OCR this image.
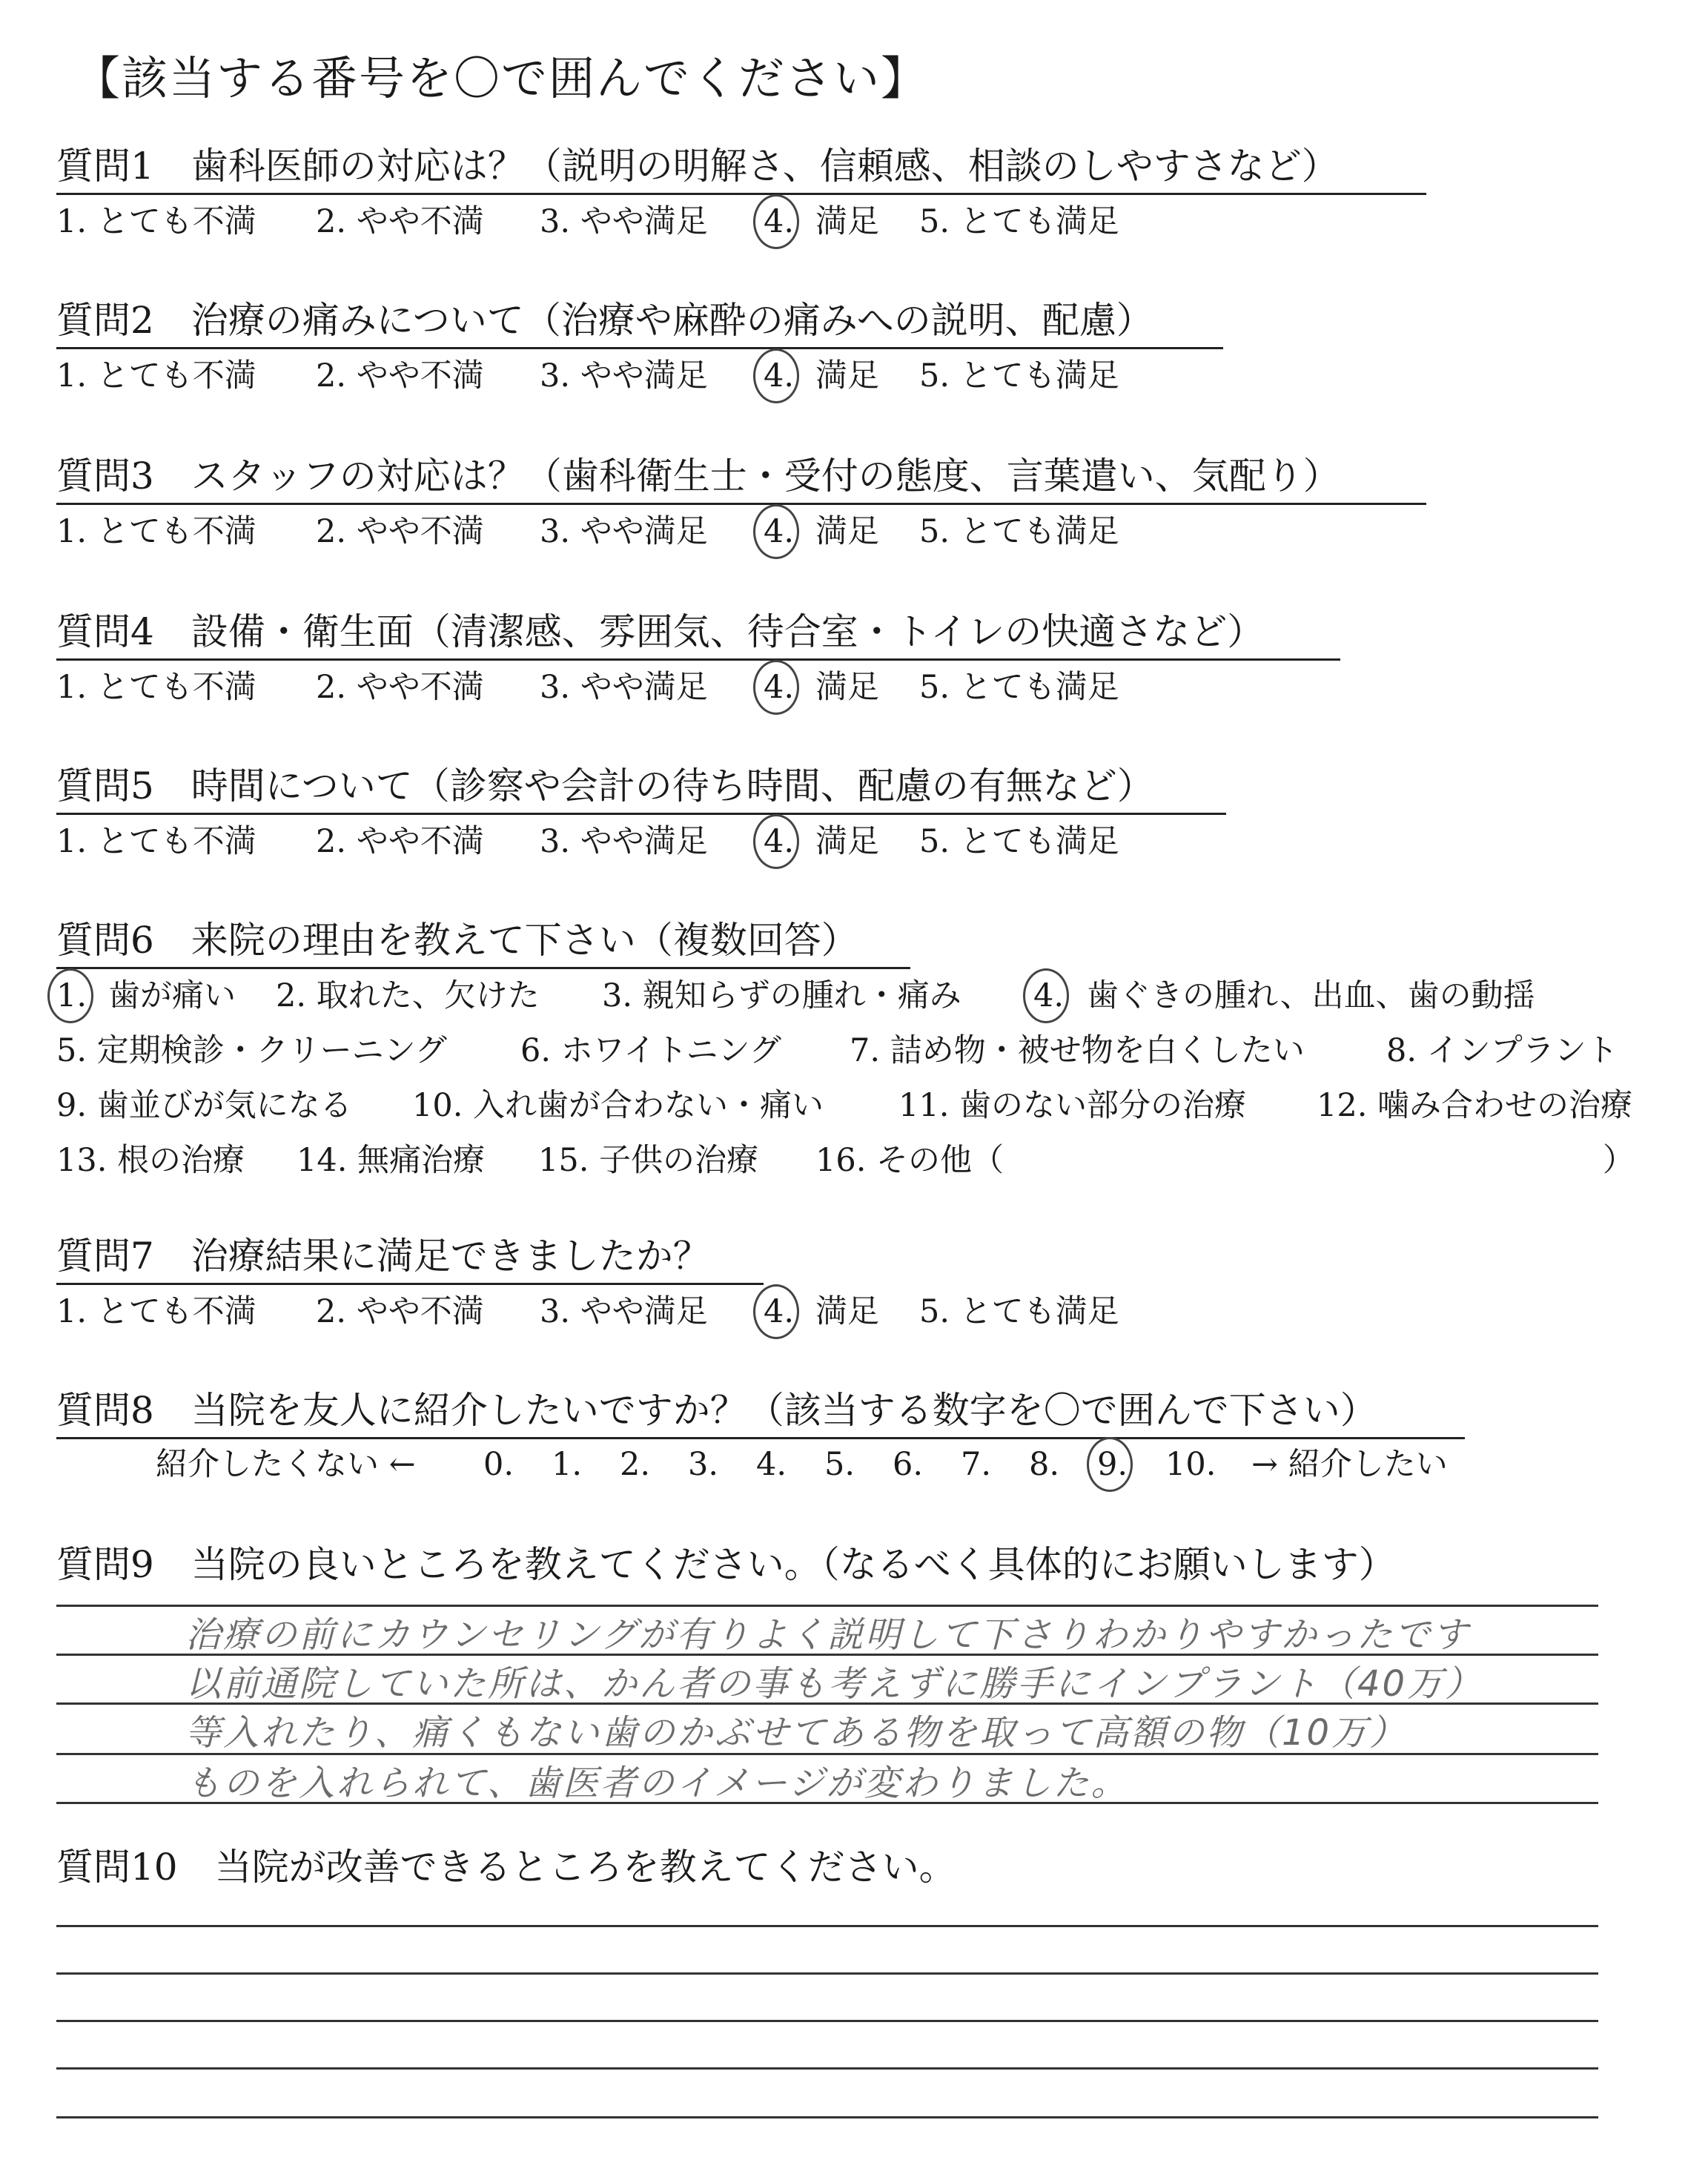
【該当する番号を〇で囲んでください】
質問1　歯科医師の対応は？（説明の明解さ、信頼感、相談のしやすさなど）
1. とても不満 2. やや不満 3. やや満足 4. 満足 5. とても満足
質問2　治療の痛みについて（治療や麻酔の痛みへの説明、配慮）
1. とても不満 2. やや不満 3. やや満足 4. 満足 5. とても満足
質問3　スタッフの対応は？（歯科衛生士・受付の態度、言葉遣い、気配り）
1. とても不満 2. やや不満 3. やや満足 4. 満足 5. とても満足
質問4　設備・衛生面（清潔感、雰囲気、待合室・トイレの快適さなど）
1. とても不満 2. やや不満 3. やや満足 4. 満足 5. とても満足
質問5　時間について（診察や会計の待ち時間、配慮の有無など）
1. とても不満 2. やや不満 3. やや満足 4. 満足 5. とても満足
質問6　来院の理由を教えて下さい（複数回答）
1. 歯が痛い 2. 取れた、欠けた 3. 親知らずの腫れ・痛み 4. 歯ぐきの腫れ、出血、歯の動揺
5. 定期検診・クリーニング 6. ホワイトニング 7. 詰め物・被せ物を白くしたい	8. インプラント
9. 歯並びが気になる 10. 入れ歯が合わない・痛い 11. 歯のない部分の治療 12. 噛み合わせの治療
13. 根の治療 14. 無痛治療 15. 子供の治療 16. その他（	）
質問7　治療結果に満足できましたか？
1. とても不満 2. やや不満 3. やや満足 4. 満足 5. とても満足
質問8　当院を友人に紹介したいですか？（該当する数字を〇で囲んで下さい）
紹介したくない ← 0. 1. 2. 3. 4. 5. 6. 7. 8. 9. 10. → 紹介したい
質問9　当院の良いところを教えてください。（なるべく具体的にお願いします）
治療の前にカウンセリングが有りよく説明して下さりわかりやすかったです
以前通院していた所は、かん者の事も考えずに勝手にインプラント（40万）
等入れたり、痛くもない歯のかぶせてある物を取って高額の物（10万）
ものを入れられて、歯医者のイメージが変わりました。
質問10　当院が改善できるところを教えてください。
